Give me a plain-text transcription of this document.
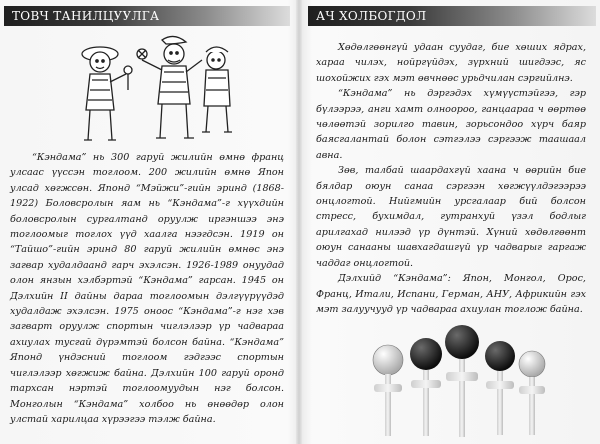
ТОВЧ ТАНИЛЦУУЛГА

“Кэндама” нь 300 гаруй жилийн өмнө франц улсаас үүссэн тоглоом. 200 жилийн өмнө Япон улсад хөгжсөн. Японд “Мэйжи”-гийн эринд (1868-1922) Боловсролын яам нь “Кэндама”-г хүүхдийн боловсролын сургалтанд оруулж иргэншээ энэ тоглоомыг тоглох үүд хаалга нээгдсэн. 1919 он “Тайшо”-гийн эринд 80 гаруй жилийн өмнөс энэ загвар худалдаанд гарч эхэлсэн. 1926-1989 онуудад олон янзын хэлбэртэй “Кэндама” гарсан. 1945 он Дэлхийн II дайны дараа тоглоомын дэлгүүрүүдэд худалдаж эхэлсэн. 1975 оноос “Кэндама”-г нэг хэв загварт оруулж спортын чиглэлээр үр чадвараа ахиулах тусгай дүрэмтэй болсон байна. “Кэндама” Японд үндэсний тоглоом гэдгээс спортын чиглэлээр хөгжиж байна. Дэлхийн 100 гаруй оронд тархсан нэртэй тоглоомуудын нэг болсон. Монголын “Кэндама” холбоо нь өнөөдөр олон улстай харилцаа хүрээгээ тэлж байна.

АЧ ХОЛБОГДОЛ

Хөдөлгөөнгүй удаан суудаг, бие хөших ядрах, хараа чилэх, нойргүйдэх, зүрхний шигдээс, яс шохойжих гэх мэт өвчнөөс урьдчилан сэргийлнэ.

“Кэндама” нь дэргэдэх хүмүүстэйгээ, гэр бүлээрээ, анги хамт олноороо, ганцаараа ч өөртөө чөлөөтэй зорилго тавин, зорьсондоо хүрч баяр баясгалантай болон сэтгэлээ сэргээж таашаал авна.

Зөв, талбай шаардахгүй хаана ч өөрийн бие бялдар оюун санаа сэргээн хөгжүүлдэгээрээ онцлогтой. Нийгмийн урсгалаар бий болсон стресс, бухимдал, гутранхуй үзэл бодлыг арилгахад нилээд үр дүнтэй. Хүний хөдөлгөөнт оюун санааны шавхагдашгүй үр чадварыг гаргаж чаддаг онцлогтой.

Дэлхийд “Кэндама”: Япон, Монгол, Орос, Франц, Итали, Испани, Герман, АНУ, Африкийн гэх мэт залуучууд үр чадвараа ахиулан тоглож байна.
